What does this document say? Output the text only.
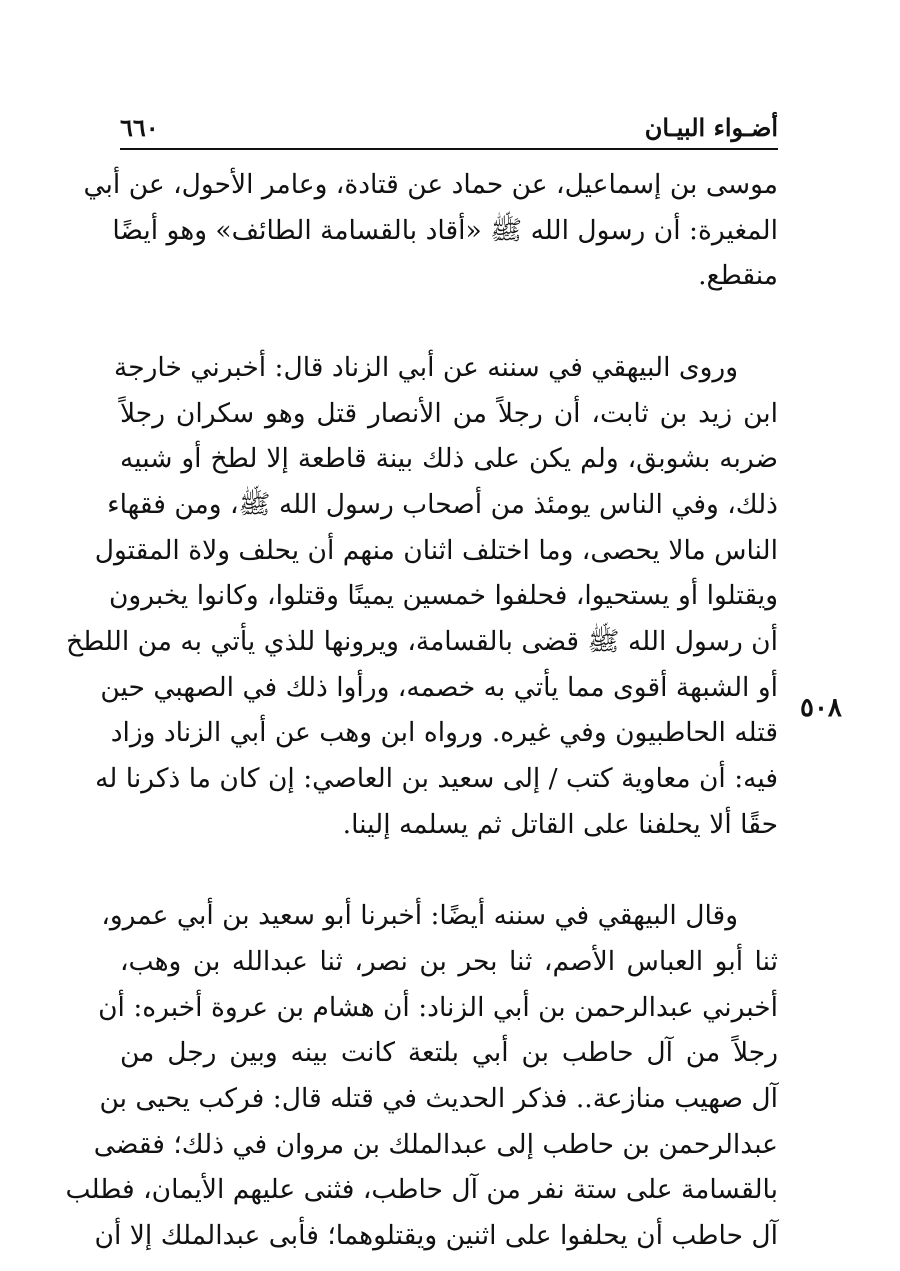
أضـواء البيـان
٦٦٠
موسى بن إسماعيل، عن حماد عن قتادة، وعامر الأحول، عن أبي
المغيرة: أن رسول الله ﷺ «أقاد بالقسامة الطائف» وهو أيضًا
منقطع.
وروى البيهقي في سننه عن أبي الزناد قال: أخبرني خارجة
ابن زيد بن ثابت، أن رجلاً من الأنصار قتل وهو سكران رجلاً
ضربه بشوبق، ولم يكن على ذلك بينة قاطعة إلا لطخ أو شبيه
ذلك، وفي الناس يومئذ من أصحاب رسول الله ﷺ، ومن فقهاء
الناس مالا يحصى، وما اختلف اثنان منهم أن يحلف ولاة المقتول
ويقتلوا أو يستحيوا، فحلفوا خمسين يمينًا وقتلوا، وكانوا يخبرون
أن رسول الله ﷺ قضى بالقسامة، ويرونها للذي يأتي به من اللطخ
أو الشبهة أقوى مما يأتي به خصمه، ورأوا ذلك في الصهبي حين
قتله الحاطبيون وفي غيره. ورواه ابن وهب عن أبي الزناد وزاد
فيه: أن معاوية كتب / إلى سعيد بن العاصي: إن كان ما ذكرنا له
حقًا ألا يحلفنا على القاتل ثم يسلمه إلينا.
وقال البيهقي في سننه أيضًا: أخبرنا أبو سعيد بن أبي عمرو،
ثنا أبو العباس الأصم، ثنا بحر بن نصر، ثنا عبدالله بن وهب،
أخبرني عبدالرحمن بن أبي الزناد: أن هشام بن عروة أخبره: أن
رجلاً من آل حاطب بن أبي بلتعة كانت بينه وبين رجل من
آل صهيب منازعة.. فذكر الحديث في قتله قال: فركب يحيى بن
عبدالرحمن بن حاطب إلى عبدالملك بن مروان في ذلك؛ فقضى
بالقسامة على ستة نفر من آل حاطب، فثنى عليهم الأيمان، فطلب
آل حاطب أن يحلفوا على اثنين ويقتلوهما؛ فأبى عبدالملك إلا أن
٥٠٨
